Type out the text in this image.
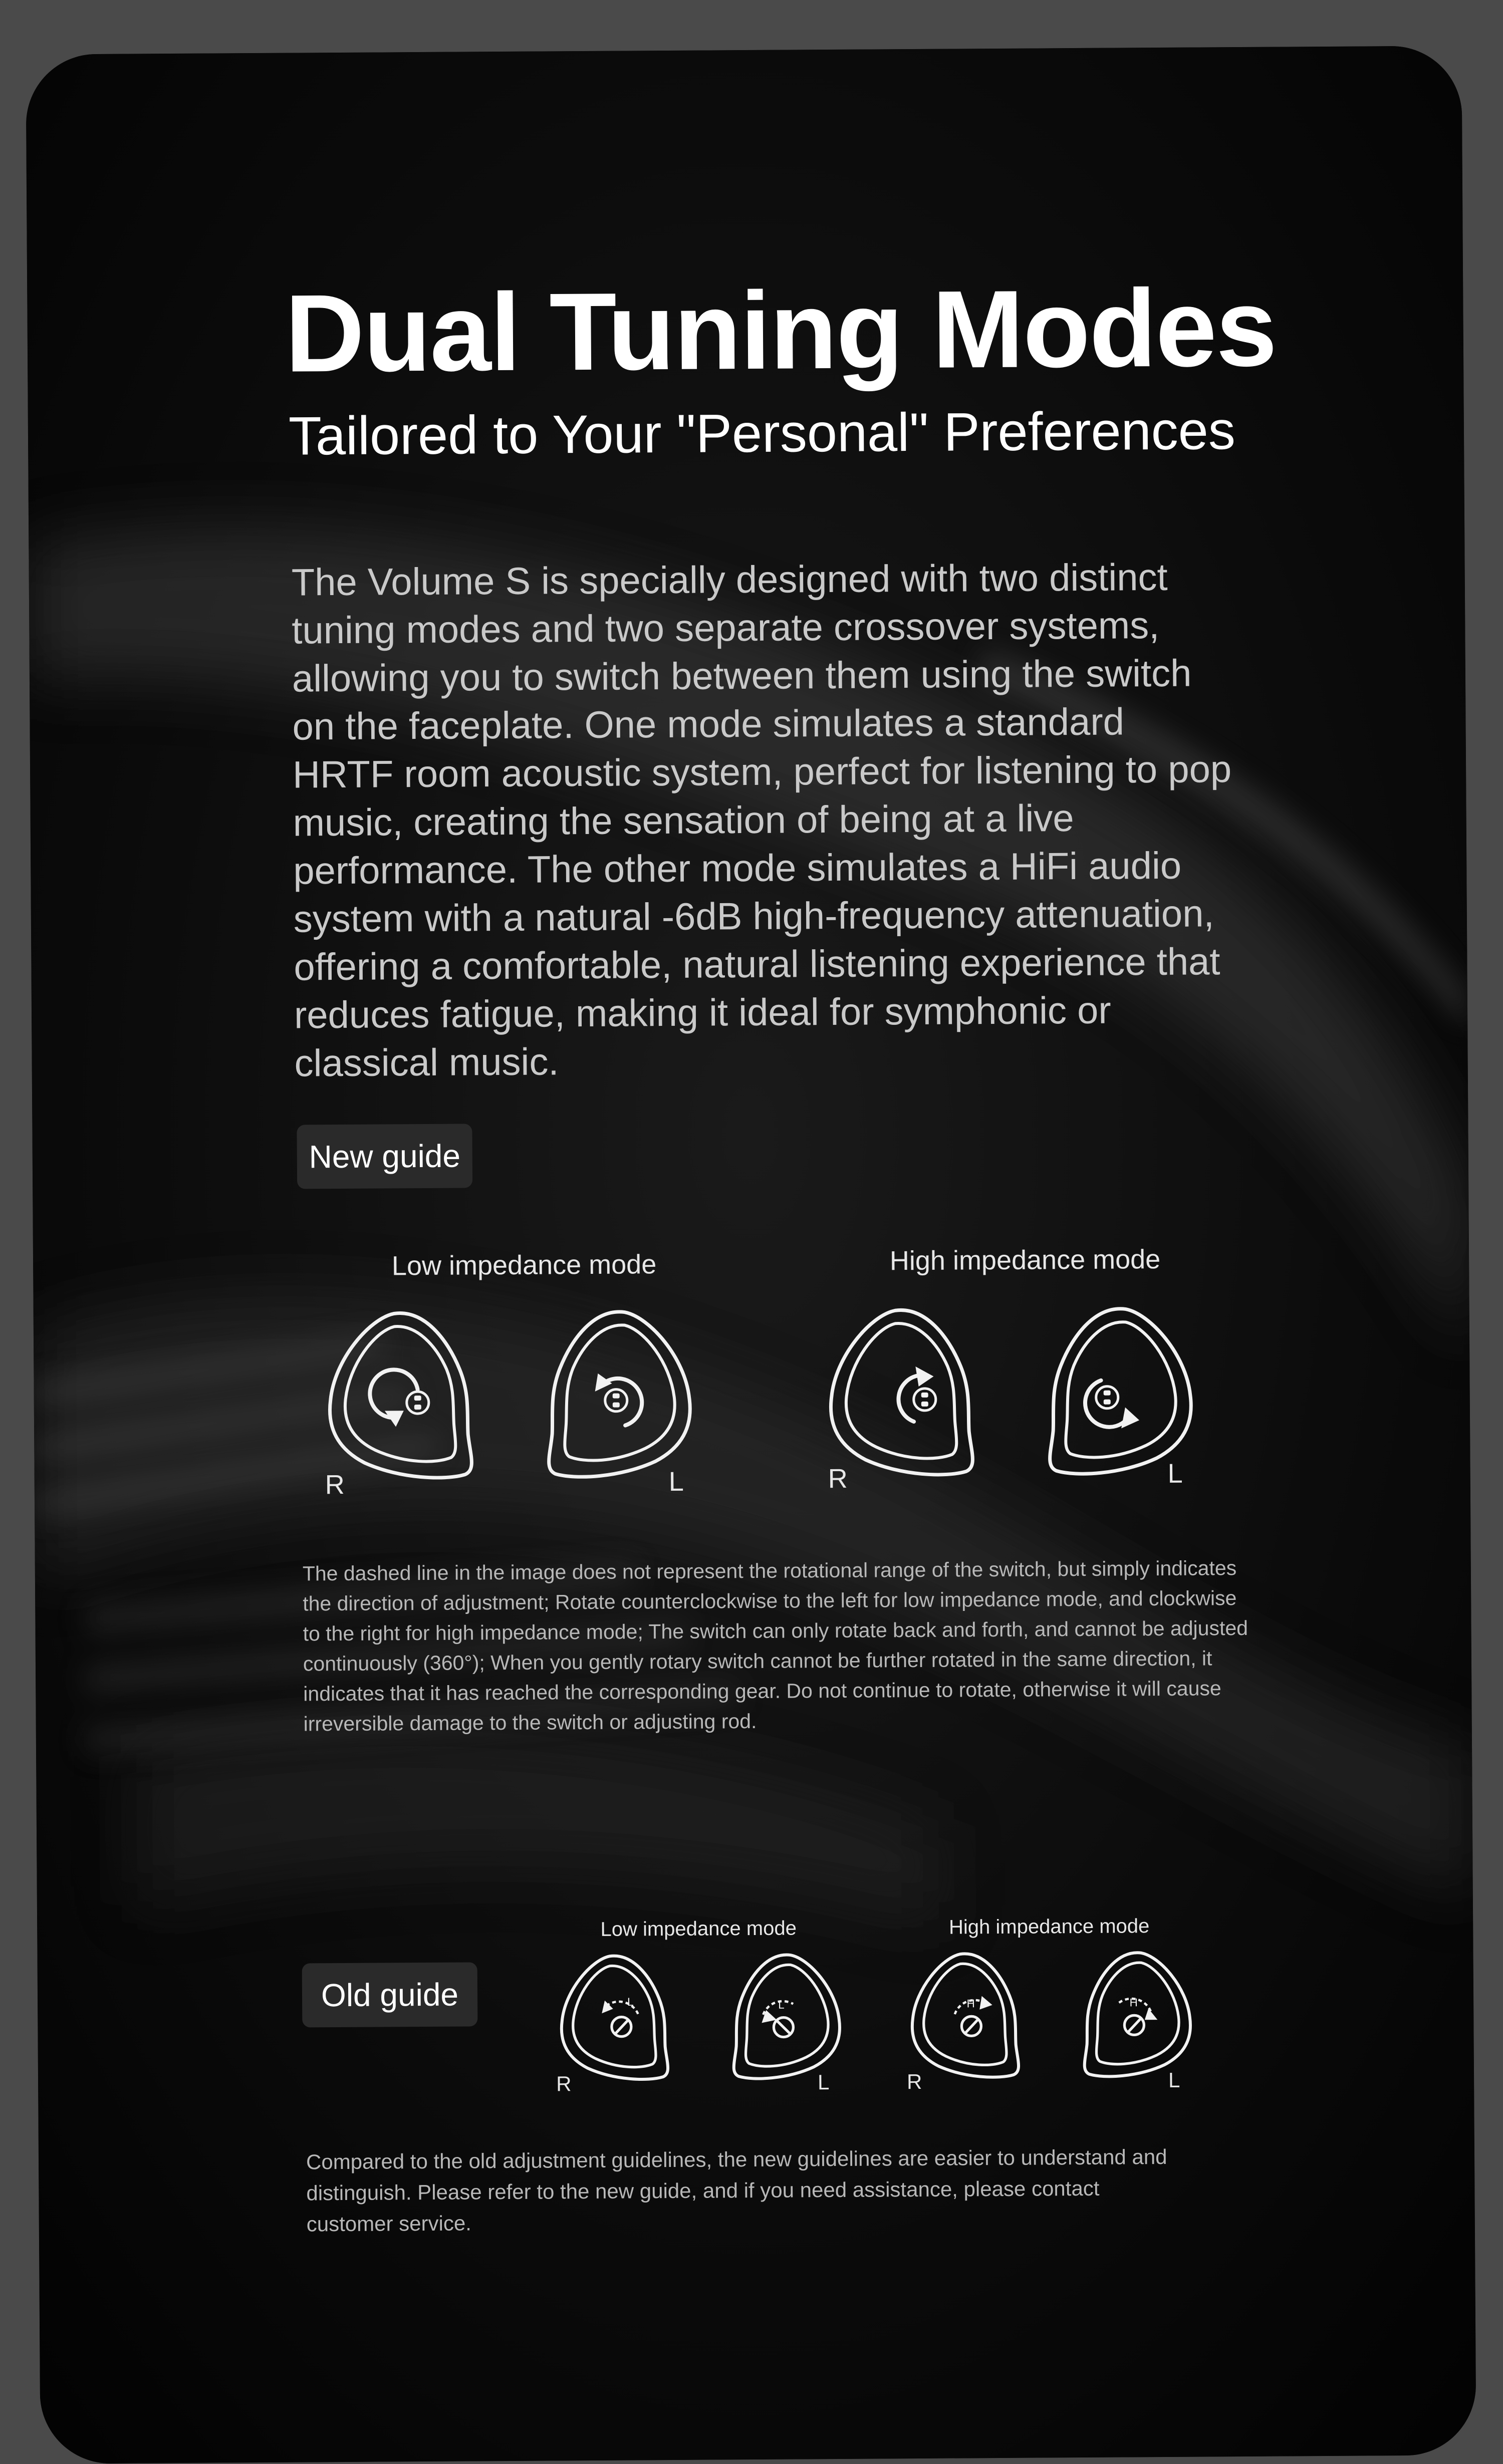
Dual Tuning Modes
Tailored to Your "Personal" Preferences

The Volume S is specially designed with two distinct tuning modes and two separate crossover systems, allowing you to switch between them using the switch on the faceplate. One mode simulates a standard HRTF room acoustic system, perfect for listening to pop music, creating the sensation of being at a live performance. The other mode simulates a HiFi audio system with a natural -6dB high-frequency attenuation, offering a comfortable, natural listening experience that reduces fatigue, making it ideal for symphonic or classical music.

New guide
Low impedance mode	High impedance mode
R	L	R	L

The dashed line in the image does not represent the rotational range of the switch, but simply indicates the direction of adjustment; Rotate counterclockwise to the left for low impedance mode, and clockwise to the right for high impedance mode; The switch can only rotate back and forth, and cannot be adjusted continuously (360°); When you gently rotary switch cannot be further rotated in the same direction, it indicates that it has reached the corresponding gear. Do not continue to rotate, otherwise it will cause irreversible damage to the switch or adjusting rod.

Old guide
Low impedance mode	High impedance mode
L
R
L
L
H
R
H
L

Compared to the old adjustment guidelines, the new guidelines are easier to understand and distinguish. Please refer to the new guide, and if you need assistance, please contact customer service.
